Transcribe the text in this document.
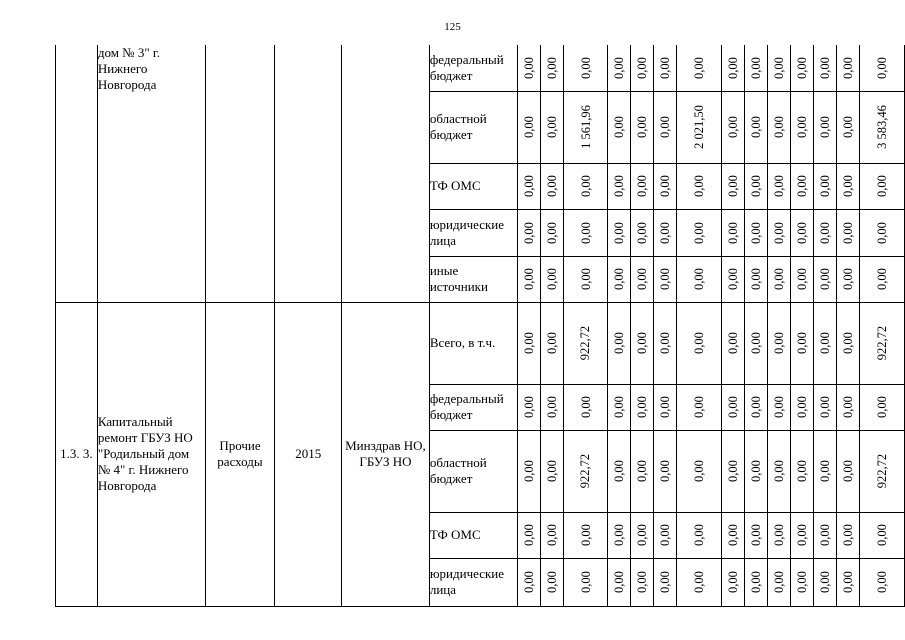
125
	дом № 3" г. Нижнего Новгорода				федеральный бюджет	0,00	0,00	0,00	0,00	0,00	0,00	0,00	0,00	0,00	0,00	0,00	0,00	0,00	0,00
					областной бюджет	0,00	0,00	1 561,96	0,00	0,00	0,00	2 021,50	0,00	0,00	0,00	0,00	0,00	0,00	3 583,46
					ТФ ОМС	0,00	0,00	0,00	0,00	0,00	0,00	0,00	0,00	0,00	0,00	0,00	0,00	0,00	0,00
					юридические лица	0,00	0,00	0,00	0,00	0,00	0,00	0,00	0,00	0,00	0,00	0,00	0,00	0,00	0,00
					иные источники	0,00	0,00	0,00	0,00	0,00	0,00	0,00	0,00	0,00	0,00	0,00	0,00	0,00	0,00
1.3. 3.	Капитальный ремонт ГБУЗ НО "Родильный дом № 4" г. Нижнего Новгорода	Прочие расходы	2015	Минздрав НО, ГБУЗ НО	Всего, в т.ч.	0,00	0,00	922,72	0,00	0,00	0,00	0,00	0,00	0,00	0,00	0,00	0,00	0,00	922,72
					федеральный бюджет	0,00	0,00	0,00	0,00	0,00	0,00	0,00	0,00	0,00	0,00	0,00	0,00	0,00	0,00
					областной бюджет	0,00	0,00	922,72	0,00	0,00	0,00	0,00	0,00	0,00	0,00	0,00	0,00	0,00	922,72
					ТФ ОМС	0,00	0,00	0,00	0,00	0,00	0,00	0,00	0,00	0,00	0,00	0,00	0,00	0,00	0,00
					юридические лица	0,00	0,00	0,00	0,00	0,00	0,00	0,00	0,00	0,00	0,00	0,00	0,00	0,00	0,00
